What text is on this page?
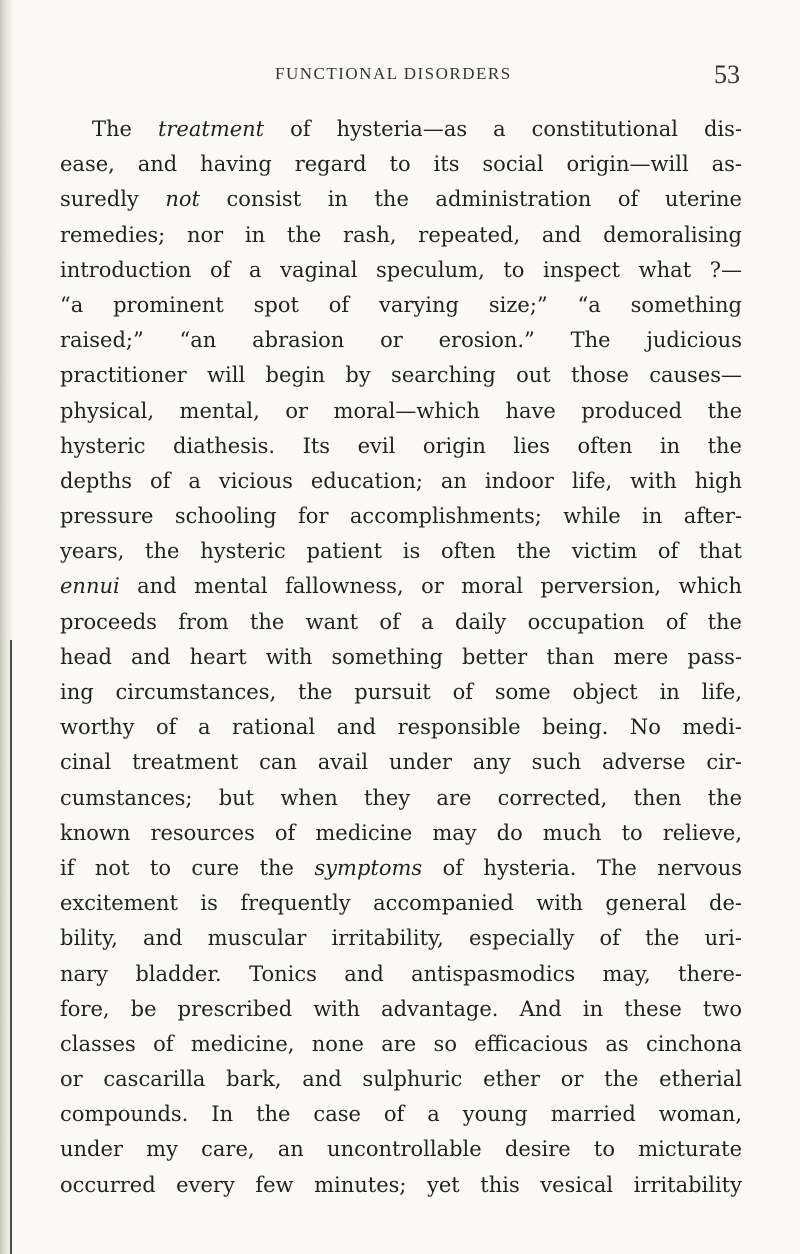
FUNCTIONAL DISORDERS	53
The treatment of hysteria—as a constitutional dis-
ease, and having regard to its social origin—will as-
suredly not consist in the administration of uterine
remedies; nor in the rash, repeated, and demoralising
introduction of a vaginal speculum, to inspect what ?—
“a prominent spot of varying size;” “a something
raised;” “an abrasion or erosion.” The judicious
practitioner will begin by searching out those causes—
physical, mental, or moral—which have produced the
hysteric diathesis. Its evil origin lies often in the
depths of a vicious education; an indoor life, with high
pressure schooling for accomplishments; while in after-
years, the hysteric patient is often the victim of that
ennui and mental fallowness, or moral perversion, which
proceeds from the want of a daily occupation of the
head and heart with something better than mere pass-
ing circumstances, the pursuit of some object in life,
worthy of a rational and responsible being. No medi-
cinal treatment can avail under any such adverse cir-
cumstances; but when they are corrected, then the
known resources of medicine may do much to relieve,
if not to cure the symptoms of hysteria. The nervous
excitement is frequently accompanied with general de-
bility, and muscular irritability, especially of the uri-
nary bladder. Tonics and antispasmodics may, there-
fore, be prescribed with advantage. And in these two
classes of medicine, none are so efficacious as cinchona
or cascarilla bark, and sulphuric ether or the etherial
compounds. In the case of a young married woman,
under my care, an uncontrollable desire to micturate
occurred every few minutes; yet this vesical irritability
